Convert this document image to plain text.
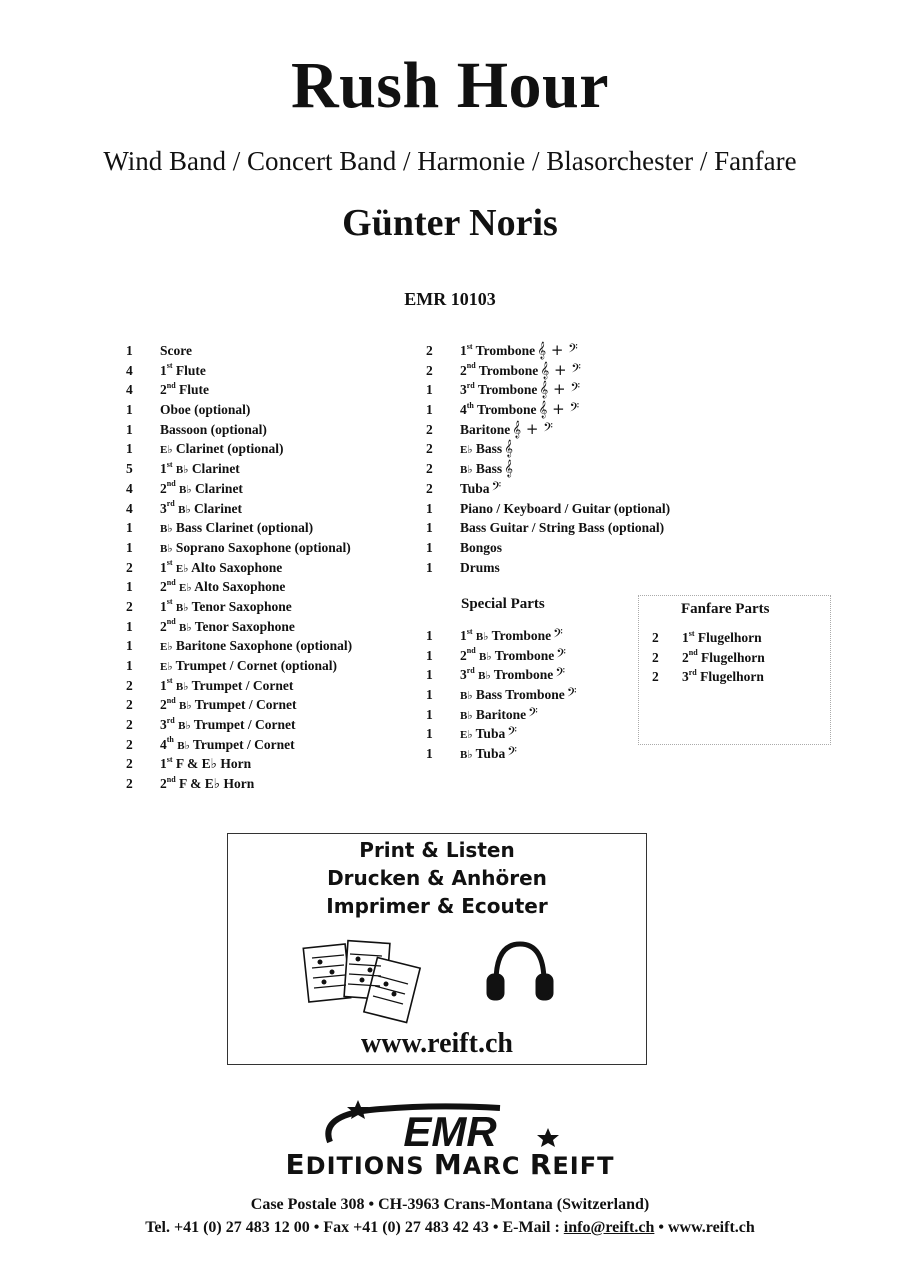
Rush Hour
Wind Band / Concert Band / Harmonie / Blasorchester / Fanfare
Günter Noris
EMR 10103
1 Score
4 1st Flute
4 2nd Flute
1 Oboe (optional)
1 Bassoon (optional)
1 E♭ Clarinet (optional)
5 1st B♭ Clarinet
4 2nd B♭ Clarinet
4 3rd B♭ Clarinet
1 B♭ Bass Clarinet (optional)
1 B♭ Soprano Saxophone (optional)
2 1st E♭ Alto Saxophone
1 2nd E♭ Alto Saxophone
2 1st B♭ Tenor Saxophone
1 2nd B♭ Tenor Saxophone
1 E♭ Baritone Saxophone (optional)
1 E♭ Trumpet / Cornet (optional)
2 1st B♭ Trumpet / Cornet
2 2nd B♭ Trumpet / Cornet
2 3rd B♭ Trumpet / Cornet
2 4th B♭ Trumpet / Cornet
2 1st F & E♭ Horn
2 2nd F & E♭ Horn
2 1st Trombone 𝄞 + 𝄢
2 2nd Trombone 𝄞 + 𝄢
1 3rd Trombone 𝄞 + 𝄢
1 4th Trombone 𝄞 + 𝄢
2 Baritone 𝄞 + 𝄢
2 E♭ Bass 𝄞
2 B♭ Bass 𝄞
2 Tuba 𝄢
1 Piano / Keyboard / Guitar (optional)
1 Bass Guitar / String Bass (optional)
1 Bongos
1 Drums
Special Parts
1 1st B♭ Trombone 𝄢
1 2nd B♭ Trombone 𝄢
1 3rd B♭ Trombone 𝄢
1 B♭ Bass Trombone 𝄢
1 B♭ Baritone 𝄢
1 E♭ Tuba 𝄢
1 B♭ Tuba 𝄢
Fanfare Parts
2 1st Flugelhorn
2 2nd Flugelhorn
2 3rd Flugelhorn
Print & Listen
Drucken & Anhören
Imprimer & Ecouter
www.reift.ch
EMR
EDITIONS MARC REIFT
Case Postale 308 • CH-3963 Crans-Montana (Switzerland)
Tel. +41 (0) 27 483 12 00 • Fax +41 (0) 27 483 42 43 • E-Mail : info@reift.ch • www.reift.ch
